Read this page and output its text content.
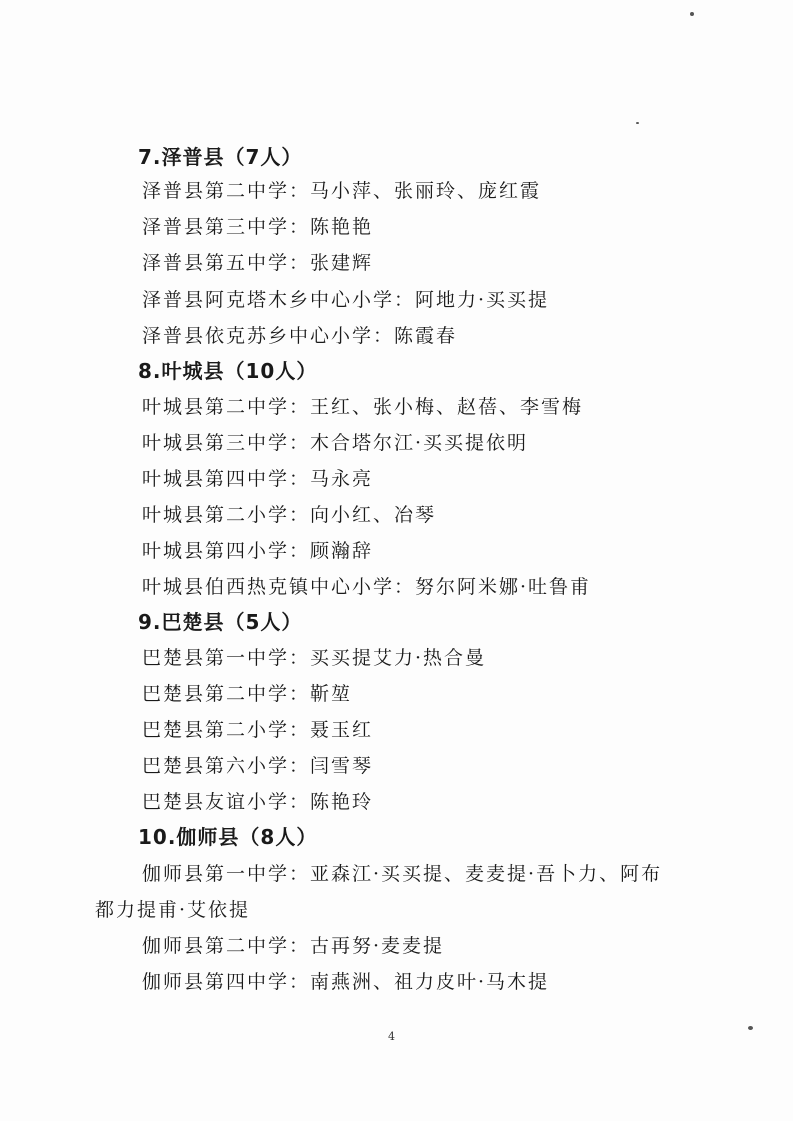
7.泽普县（7人）
泽普县第二中学：马小萍、张丽玲、庞红霞
泽普县第三中学：陈艳艳
泽普县第五中学：张建辉
泽普县阿克塔木乡中心小学：阿地力·买买提
泽普县依克苏乡中心小学：陈霞春
8.叶城县（10人）
叶城县第二中学：王红、张小梅、赵蓓、李雪梅
叶城县第三中学：木合塔尔江·买买提依明
叶城县第四中学：马永亮
叶城县第二小学：向小红、冶琴
叶城县第四小学：顾瀚辞
叶城县伯西热克镇中心小学：努尔阿米娜·吐鲁甫
9.巴楚县（5人）
巴楚县第一中学：买买提艾力·热合曼
巴楚县第二中学：靳堃
巴楚县第二小学：聂玉红
巴楚县第六小学：闫雪琴
巴楚县友谊小学：陈艳玲
10.伽师县（8人）
伽师县第一中学：亚森江·买买提、麦麦提·吾卜力、阿布
都力提甫·艾依提
伽师县第二中学：古再努·麦麦提
伽师县第四中学：南燕洲、祖力皮叶·马木提
4
